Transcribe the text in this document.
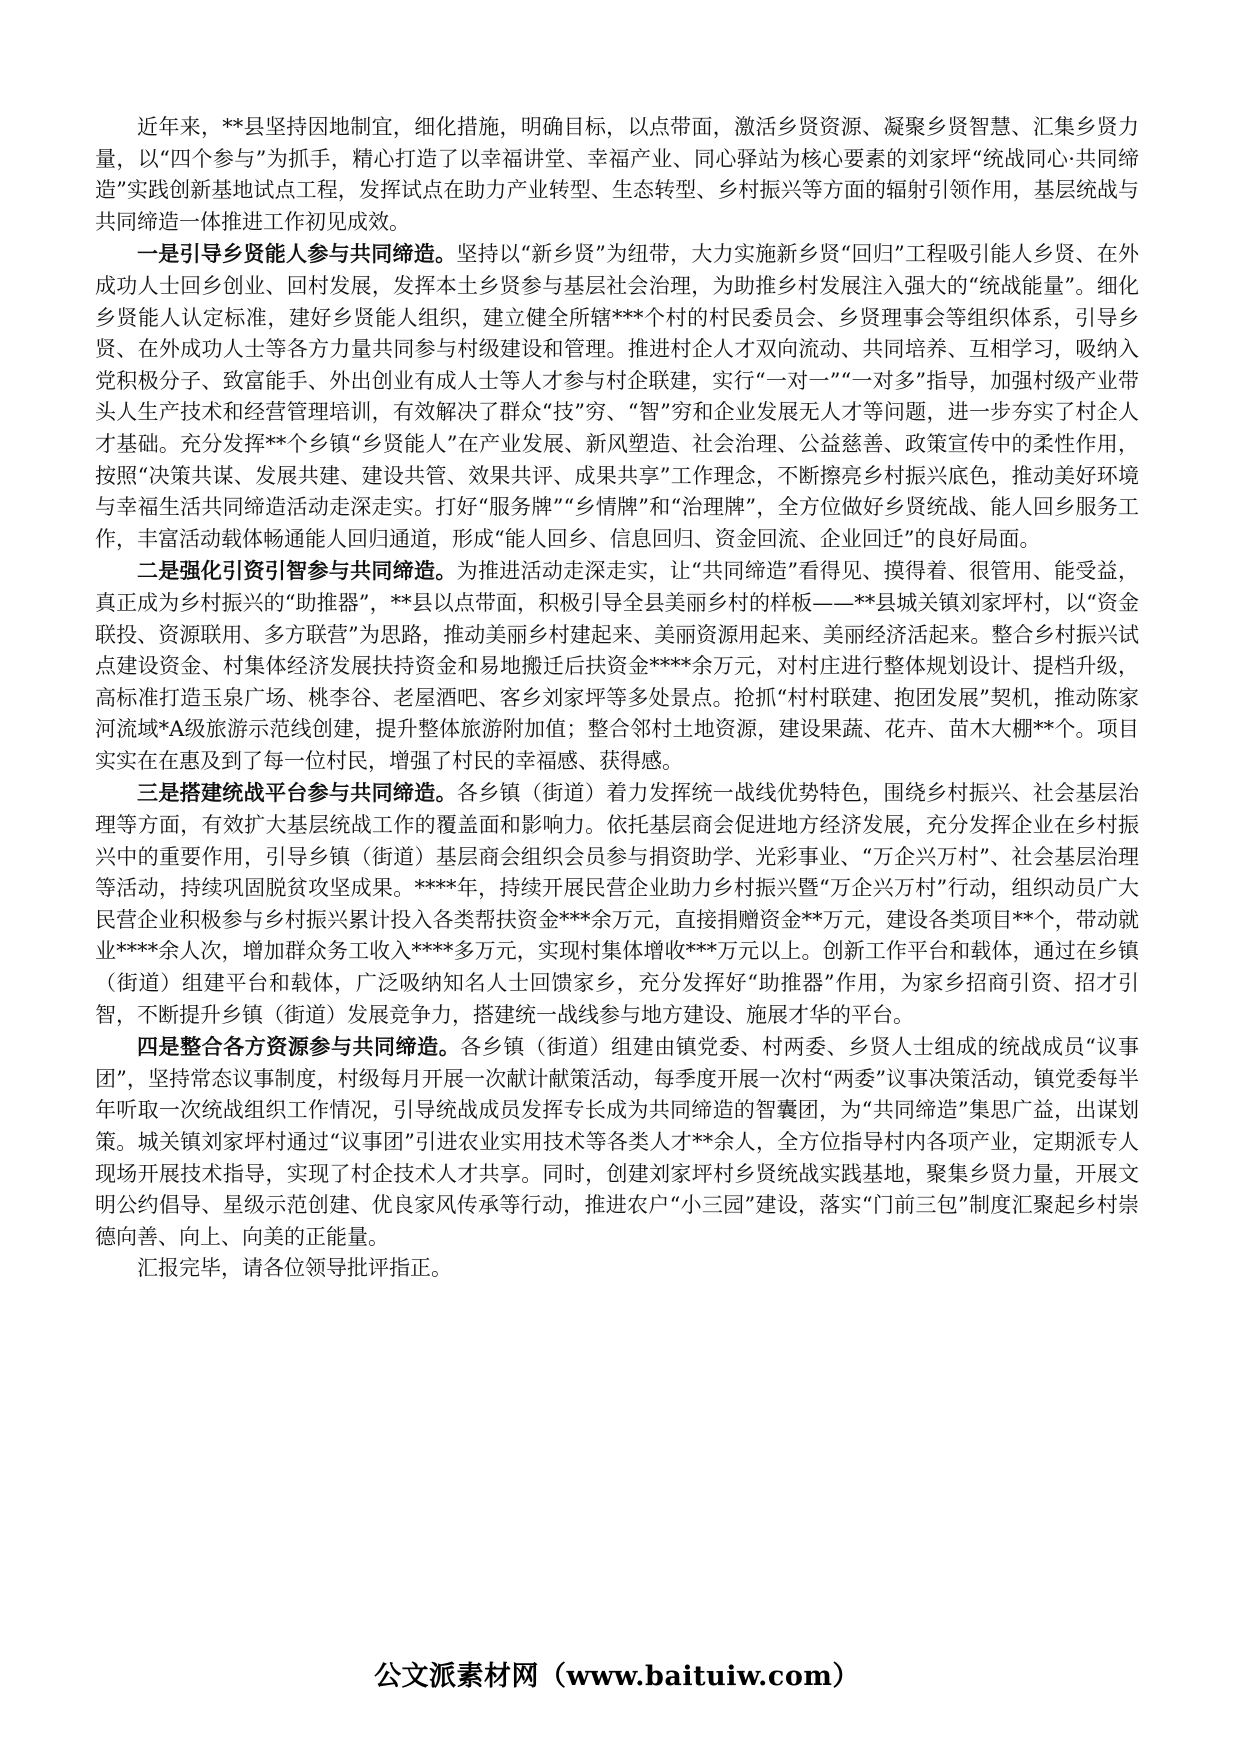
近年来，**县坚持因地制宜，细化措施，明确目标，以点带面，激活乡贤资源、凝聚乡贤智慧、汇集乡贤力量，以“四个参与”为抓手，精心打造了以幸福讲堂、幸福产业、同心驿站为核心要素的刘家坪“统战同心·共同缔造”实践创新基地试点工程，发挥试点在助力产业转型、生态转型、乡村振兴等方面的辐射引领作用，基层统战与共同缔造一体推进工作初见成效。

一是引导乡贤能人参与共同缔造。坚持以“新乡贤”为纽带，大力实施新乡贤“回归”工程吸引能人乡贤、在外成功人士回乡创业、回村发展，发挥本土乡贤参与基层社会治理，为助推乡村发展注入强大的“统战能量”。细化乡贤能人认定标准，建好乡贤能人组织，建立健全所辖***个村的村民委员会、乡贤理事会等组织体系，引导乡贤、在外成功人士等各方力量共同参与村级建设和管理。推进村企人才双向流动、共同培养、互相学习，吸纳入党积极分子、致富能手、外出创业有成人士等人才参与村企联建，实行“一对一”“一对多”指导，加强村级产业带头人生产技术和经营管理培训，有效解决了群众“技”穷、“智”穷和企业发展无人才等问题，进一步夯实了村企人才基础。充分发挥**个乡镇“乡贤能人”在产业发展、新风塑造、社会治理、公益慈善、政策宣传中的柔性作用，按照“决策共谋、发展共建、建设共管、效果共评、成果共享”工作理念，不断擦亮乡村振兴底色，推动美好环境与幸福生活共同缔造活动走深走实。打好“服务牌”“乡情牌”和“治理牌”，全方位做好乡贤统战、能人回乡服务工作，丰富活动载体畅通能人回归通道，形成“能人回乡、信息回归、资金回流、企业回迁”的良好局面。

二是强化引资引智参与共同缔造。为推进活动走深走实，让“共同缔造”看得见、摸得着、很管用、能受益，真正成为乡村振兴的“助推器”，**县以点带面，积极引导全县美丽乡村的样板——**县城关镇刘家坪村，以“资金联投、资源联用、多方联营”为思路，推动美丽乡村建起来、美丽资源用起来、美丽经济活起来。整合乡村振兴试点建设资金、村集体经济发展扶持资金和易地搬迁后扶资金****余万元，对村庄进行整体规划设计、提档升级，高标准打造玉泉广场、桃李谷、老屋酒吧、客乡刘家坪等多处景点。抢抓“村村联建、抱团发展”契机，推动陈家河流域*A级旅游示范线创建，提升整体旅游附加值；整合邻村土地资源，建设果蔬、花卉、苗木大棚**个。项目实实在在惠及到了每一位村民，增强了村民的幸福感、获得感。

三是搭建统战平台参与共同缔造。各乡镇（街道）着力发挥统一战线优势特色，围绕乡村振兴、社会基层治理等方面，有效扩大基层统战工作的覆盖面和影响力。依托基层商会促进地方经济发展，充分发挥企业在乡村振兴中的重要作用，引导乡镇（街道）基层商会组织会员参与捐资助学、光彩事业、“万企兴万村”、社会基层治理等活动，持续巩固脱贫攻坚成果。****年，持续开展民营企业助力乡村振兴暨“万企兴万村”行动，组织动员广大民营企业积极参与乡村振兴累计投入各类帮扶资金***余万元，直接捐赠资金**万元，建设各类项目**个，带动就业****余人次，增加群众务工收入****多万元，实现村集体增收***万元以上。创新工作平台和载体，通过在乡镇（街道）组建平台和载体，广泛吸纳知名人士回馈家乡，充分发挥好“助推器”作用，为家乡招商引资、招才引智，不断提升乡镇（街道）发展竞争力，搭建统一战线参与地方建设、施展才华的平台。

四是整合各方资源参与共同缔造。各乡镇（街道）组建由镇党委、村两委、乡贤人士组成的统战成员“议事团”，坚持常态议事制度，村级每月开展一次献计献策活动，每季度开展一次村“两委”议事决策活动，镇党委每半年听取一次统战组织工作情况，引导统战成员发挥专长成为共同缔造的智囊团，为“共同缔造”集思广益，出谋划策。城关镇刘家坪村通过“议事团”引进农业实用技术等各类人才**余人，全方位指导村内各项产业，定期派专人现场开展技术指导，实现了村企技术人才共享。同时，创建刘家坪村乡贤统战实践基地，聚集乡贤力量，开展文明公约倡导、星级示范创建、优良家风传承等行动，推进农户“小三园”建设，落实“门前三包”制度汇聚起乡村崇德向善、向上、向美的正能量。

汇报完毕，请各位领导批评指正。

公文派素材网（www.baituiw.com）
